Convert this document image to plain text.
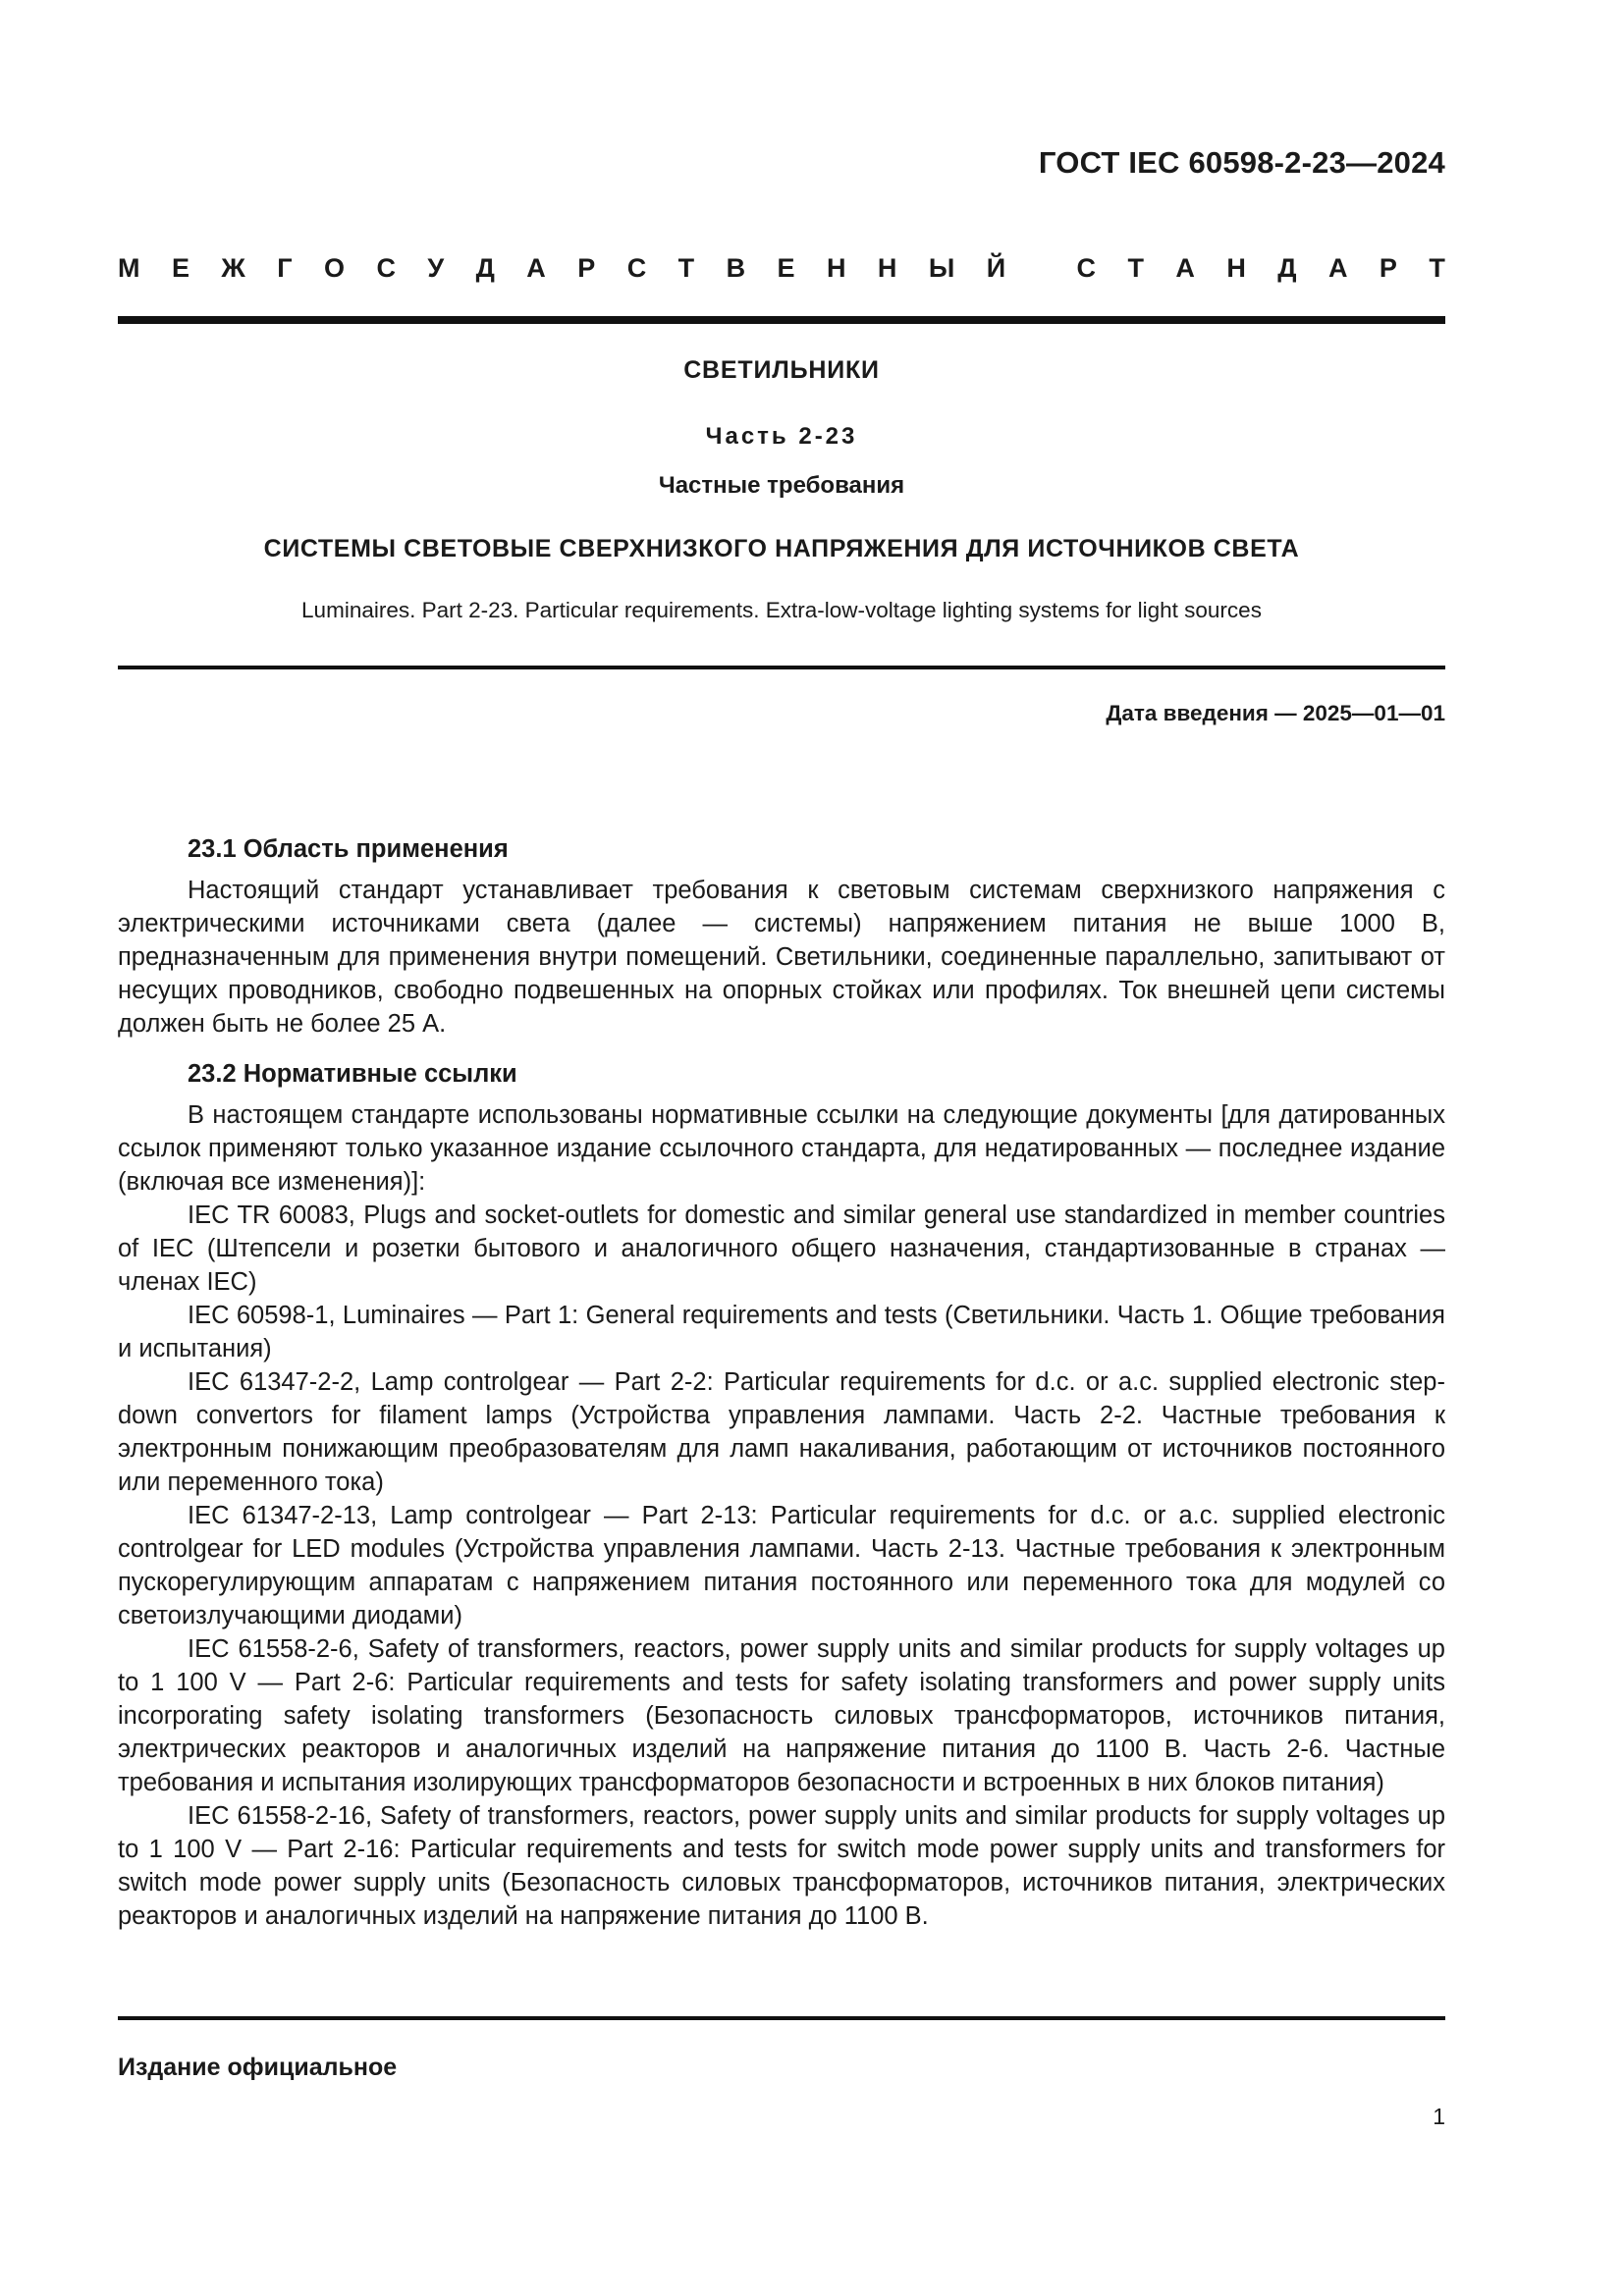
ГОСТ IEC 60598-2-23—2024
М Е Ж Г О С У Д А Р С Т В Е Н Н Ы Й
	С Т А Н Д А Р Т
СВЕТИЛЬНИКИ
Часть 2-23
Частные требования
СИСТЕМЫ СВЕТОВЫЕ СВЕРХНИЗКОГО НАПРЯЖЕНИЯ ДЛЯ ИСТОЧНИКОВ СВЕТА
Luminaires. Part 2-23. Particular requirements. Extra-low-voltage lighting systems for light sources
Дата введения — 2025—01—01
23.1 Область применения

Настоящий стандарт устанавливает требования к световым системам сверхнизкого напряжения с электрическими источниками света (далее — системы) напряжением питания не выше 1000 В, предназначенным для применения внутри помещений. Светильники, соединенные параллельно, запитывают от несущих проводников, свободно подвешенных на опорных стойках или профилях. Ток внешней цепи системы должен быть не более 25 А.

23.2 Нормативные ссылки

В настоящем стандарте использованы нормативные ссылки на следующие документы [для датированных ссылок применяют только указанное издание ссылочного стандарта, для недатированных — последнее издание (включая все изменения)]:

IEC TR 60083, Plugs and socket-outlets for domestic and similar general use standardized in member countries of IEC (Штепсели и розетки бытового и аналогичного общего назначения, стандартизованные в странах — членах IEC)

IEC 60598-1, Luminaires — Part 1: General requirements and tests (Светильники. Часть 1. Общие требования и испытания)

IEC 61347-2-2, Lamp controlgear — Part 2-2: Particular requirements for d.c. or a.c. supplied electronic step-down convertors for filament lamps (Устройства управления лампами. Часть 2-2. Частные требования к электронным понижающим преобразователям для ламп накаливания, работающим от источников постоянного или переменного тока)

IEC 61347-2-13, Lamp controlgear — Part 2-13: Particular requirements for d.c. or a.c. supplied electronic controlgear for LED modules (Устройства управления лампами. Часть 2-13. Частные требования к электронным пускорегулирующим аппаратам с напряжением питания постоянного или переменного тока для модулей со светоизлучающими диодами)

IEC 61558-2-6, Safety of transformers, reactors, power supply units and similar products for supply voltages up to 1 100 V — Part 2-6: Particular requirements and tests for safety isolating transformers and power supply units incorporating safety isolating transformers (Безопасность силовых трансформаторов, источников питания, электрических реакторов и аналогичных изделий на напряжение питания до 1100 В. Часть 2-6. Частные требования и испытания изолирующих трансформаторов безопасности и встроенных в них блоков питания)

IEC 61558-2-16, Safety of transformers, reactors, power supply units and similar products for supply voltages up to 1 100 V — Part 2-16: Particular requirements and tests for switch mode power supply units and transformers for switch mode power supply units (Безопасность силовых трансформаторов, источников питания, электрических реакторов и аналогичных изделий на напряжение питания до 1100 В.

Издание официальное
1
